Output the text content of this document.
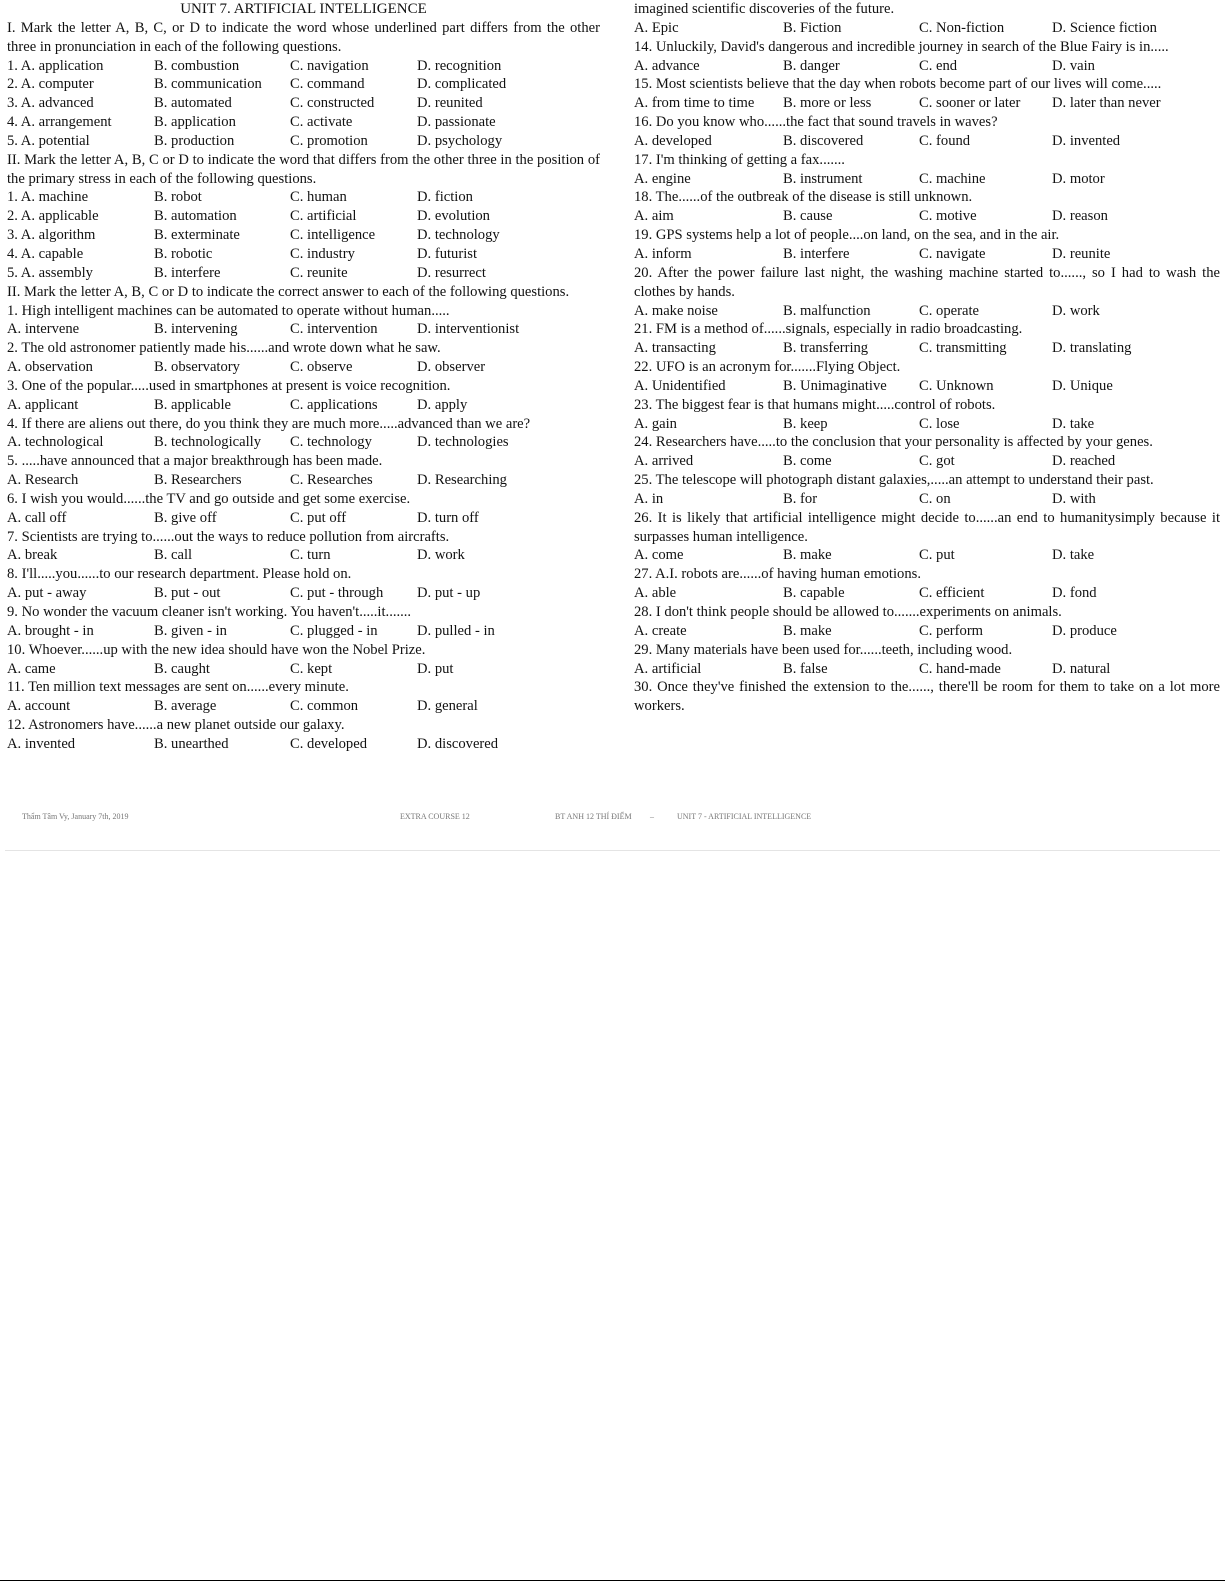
UNIT 7. ARTIFICIAL INTELLIGENCE
I. Mark the letter A, B, C, or D to indicate the word whose underlined part differs from the other three in pronunciation in each of the following questions.
1. A. application	B. combustion	C. navigation	D. recognition
2. A. computer	B. communication	C. command	D. complicated
3. A. advanced	B. automated	C. constructed	D. reunited
4. A. arrangement	B. application	C. activate	D. passionate
5. A. potential	B. production	C. promotion	D. psychology
II. Mark the letter A, B, C or D to indicate the word that differs from the other three in the position of the primary stress in each of the following questions.
1. A. machine	B. robot	C. human	D. fiction
2. A. applicable	B. automation	C. artificial	D. evolution
3. A. algorithm	B. exterminate	C. intelligence	D. technology
4. A. capable	B. robotic	C. industry	D. futurist
5. A. assembly	B. interfere	C. reunite	D. resurrect
II. Mark the letter A, B, C or D to indicate the correct answer to each of the following questions.
1. High intelligent machines can be automated to operate without human.....
A. intervene	B. intervening	C. intervention	D. interventionist
2. The old astronomer patiently made his......and wrote down what he saw.
A. observation	B. observatory	C. observe	D. observer
3. One of the popular.....used in smartphones at present is voice recognition.
A. applicant	B. applicable	C. applications	D. apply
4. If there are aliens out there, do you think they are much more.....advanced than we are?
A. technological	B. technologically	C. technology	D. technologies
5. .....have announced that a major breakthrough has been made.
A. Research	B. Researchers	C. Researches	D. Researching
6. I wish you would......the TV and go outside and get some exercise.
A. call off	B. give off	C. put off	D. turn off
7. Scientists are trying to......out the ways to reduce pollution from aircrafts.
A. break	B. call	C. turn	D. work
8. I'll.....you......to our research department. Please hold on.
A. put - away	B. put - out	C. put - through	D. put - up
9. No wonder the vacuum cleaner isn't working. You haven't.....it.......
A. brought - in	B. given - in	C. plugged - in	D. pulled - in
10. Whoever......up with the new idea should have won the Nobel Prize.
A. came	B. caught	C. kept	D. put
11. Ten million text messages are sent on......every minute.
A. account	B. average	C. common	D. general
12. Astronomers have......a new planet outside our galaxy.
A. invented	B. unearthed	C. developed	D. discovered
imagined scientific discoveries of the future.
A. Epic	B. Fiction	C. Non-fiction	D. Science fiction
14. Unluckily, David's dangerous and incredible journey in search of the Blue Fairy is in.....
A. advance	B. danger	C. end	D. vain
15. Most scientists believe that the day when robots become part of our lives will come.....
A. from time to time	B. more or less	C. sooner or later	D. later than never
16. Do you know who......the fact that sound travels in waves?
A. developed	B. discovered	C. found	D. invented
17. I'm thinking of getting a fax.......
A. engine	B. instrument	C. machine	D. motor
18. The......of the outbreak of the disease is still unknown.
A. aim	B. cause	C. motive	D. reason
19. GPS systems help a lot of people....on land, on the sea, and in the air.
A. inform	B. interfere	C. navigate	D. reunite
20. After the power failure last night, the washing machine started to......, so I had to wash the clothes by hands.
A. make noise	B. malfunction	C. operate	D. work
21. FM is a method of......signals, especially in radio broadcasting.
A. transacting	B. transferring	C. transmitting	D. translating
22. UFO is an acronym for.......Flying Object.
A. Unidentified	B. Unimaginative	C. Unknown	D. Unique
23. The biggest fear is that humans might.....control of robots.
A. gain	B. keep	C. lose	D. take
24. Researchers have.....to the conclusion that your personality is affected by your genes.
A. arrived	B. come	C. got	D. reached
25. The telescope will photograph distant galaxies,.....an attempt to understand their past.
A. in	B. for	C. on	D. with
26. It is likely that artificial intelligence might decide to......an end to humanitysimply because it surpasses human intelligence.
A. come	B. make	C. put	D. take
27. A.I. robots are......of having human emotions.
A. able	B. capable	C. efficient	D. fond
28. I don't think people should be allowed to.......experiments on animals.
A. create	B. make	C. perform	D. produce
29. Many materials have been used for......teeth, including wood.
A. artificial	B. false	C. hand-made	D. natural
30. Once they've finished the extension to the......, there'll be room for them to take on a lot more workers.
Thẩm Tâm Vy, January 7th, 2019	EXTRA COURSE 12	BT ANH 12 THÍ ĐIỂM –	UNIT 7 - ARTIFICIAL INTELLIGENCE
